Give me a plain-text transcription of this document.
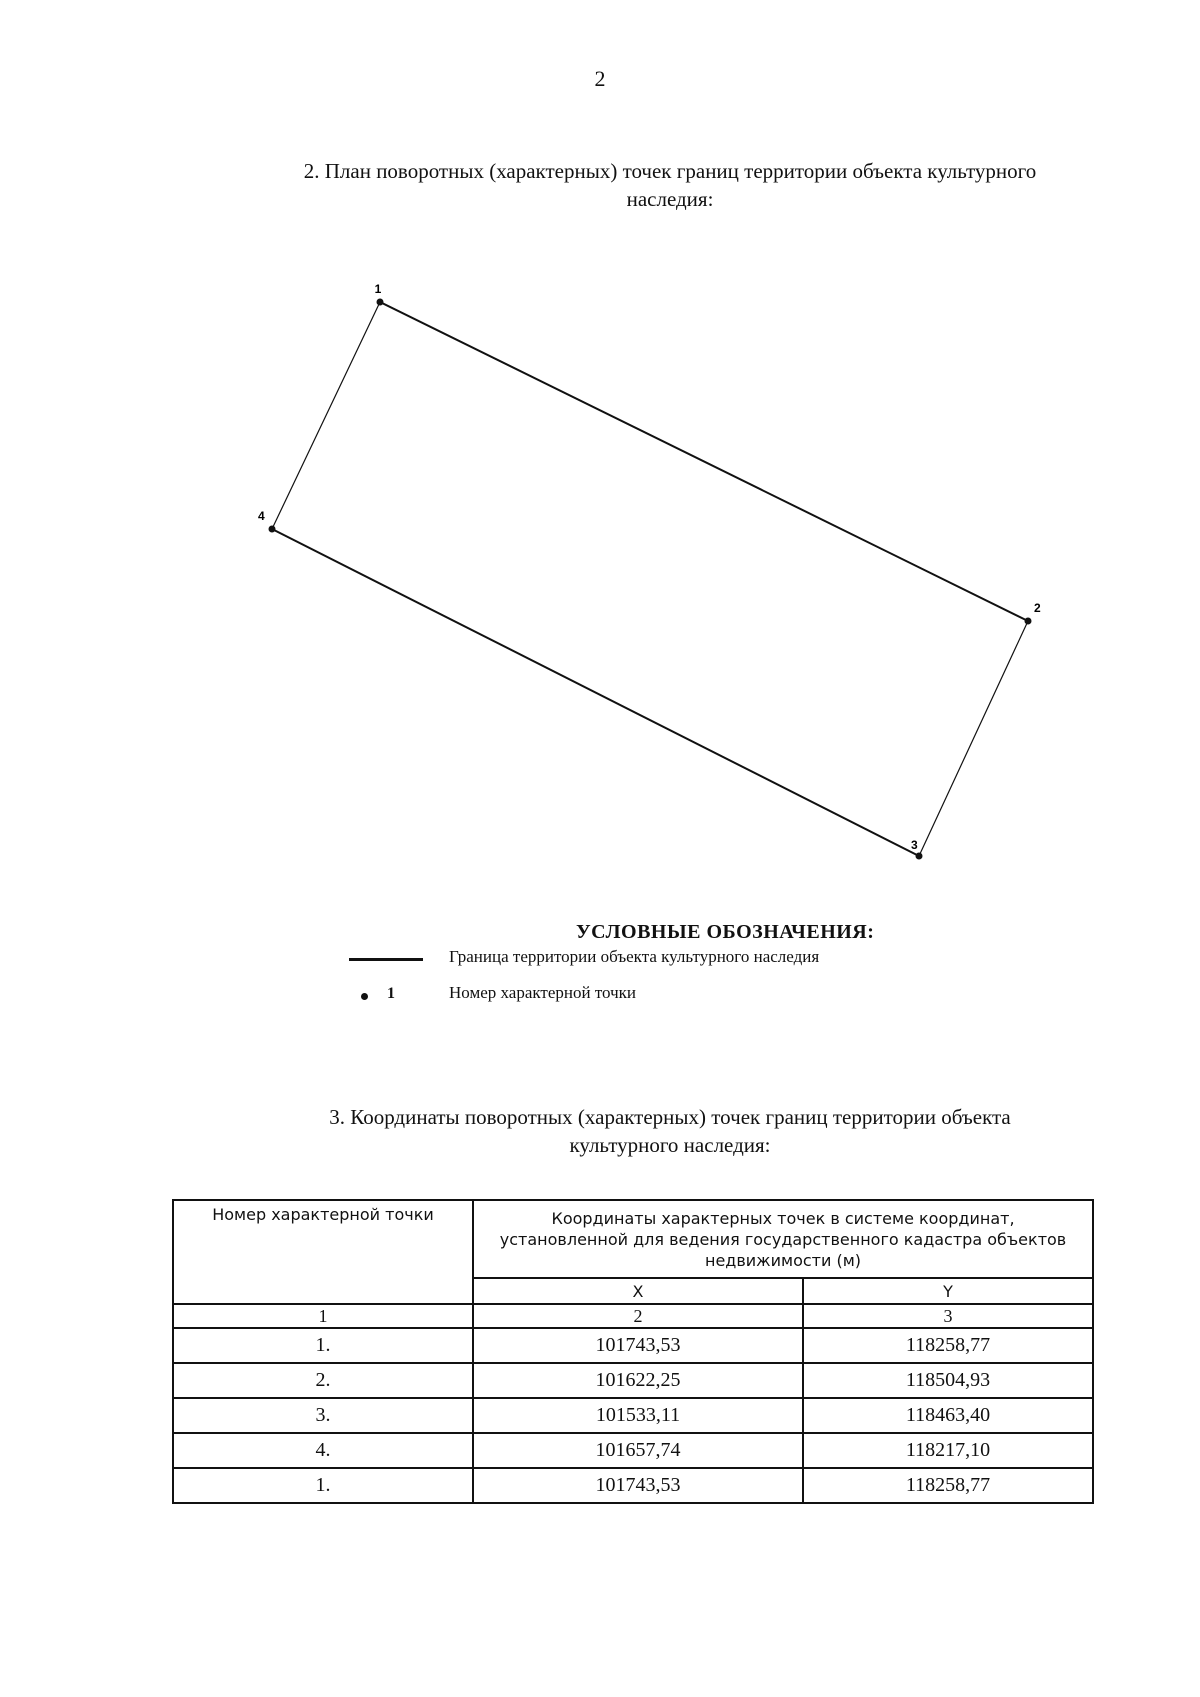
2
2. План поворотных (характерных) точек границ территории объекта культурного
наследия:
1
2
3
4
УСЛОВНЫЕ ОБОЗНАЧЕНИЯ:
Граница территории объекта культурного наследия
1	Номер характерной точки
3. Координаты поворотных (характерных) точек границ территории объекта
культурного наследия:
Номер характерной точки	Координаты характерных точек в системе координат,
установленной для ведения государственного кадастра объектов
недвижимости (м)	

	X	Y
1	2	3
1.	101743,53	118258,77
2.	101622,25	118504,93
3.	101533,11	118463,40
4.	101657,74	118217,10
1.	101743,53	118258,77
